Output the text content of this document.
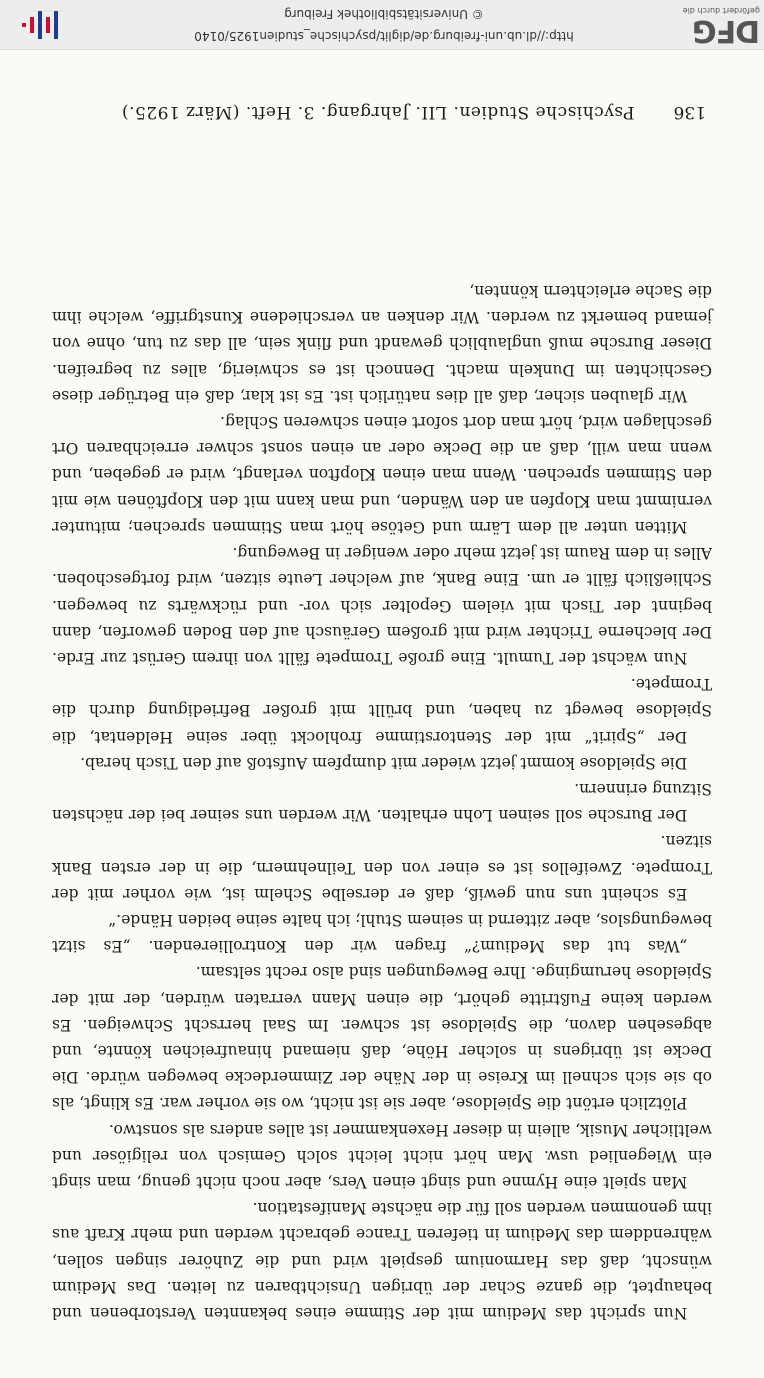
136
Psychische Studien. LII. Jahrgang. 3. Heft. (März 1925.)

Nun spricht das Medium mit der Stimme eines bekannten Verstorbenen und behauptet, die ganze Schar der übrigen Unsichtbaren zu leiten. Das Medium wünscht, daß das Harmonium gespielt wird und die Zuhörer singen sollen, währenddem das Medium in tieferen Trance gebracht werden und mehr Kraft aus ihm genommen werden soll für die nächste Manifestation.

Man spielt eine Hymne und singt einen Vers, aber noch nicht genug, man singt ein Wiegenlied usw. Man hört nicht leicht solch Gemisch von religiöser und weltlicher Musik, allein in dieser Hexenkammer ist alles anders als sonstwo.

Plötzlich ertönt die Spieldose, aber sie ist nicht, wo sie vorher war. Es klingt, als ob sie sich schnell im Kreise in der Nähe der Zimmerdecke bewegen würde. Die Decke ist übrigens in solcher Höhe, daß niemand hinaufreichen könnte, und abgesehen davon, die Spieldose ist schwer. Im Saal herrscht Schweigen. Es werden keine Fußtritte gehört, die einen Mann verraten würden, der mit der Spieldose herumginge. Ihre Bewegungen sind also recht seltsam.

„Was tut das Medium?“ fragen wir den Kontrollierenden. „Es sitzt bewegungslos, aber zitternd in seinem Stuhl; ich halte seine beiden Hände.“

Es scheint uns nun gewiß, daß er derselbe Schelm ist, wie vorher mit der Trompete. Zweifellos ist es einer von den Teilnehmern, die in der ersten Bank sitzen.

Der Bursche soll seinen Lohn erhalten. Wir werden uns seiner bei der nächsten Sitzung erinnern.

Die Spieldose kommt jetzt wieder mit dumpfem Aufstoß auf den Tisch herab.

Der „Spirit“ mit der Stentorstimme frohlockt über seine Heldentat, die Spieldose bewegt zu haben, und brüllt mit großer Befriedigung durch die Trompete.

Nun wächst der Tumult. Eine große Trompete fällt von ihrem Gerüst zur Erde. Der blecherne Trichter wird mit großem Geräusch auf den Boden geworfen, dann beginnt der Tisch mit vielem Gepolter sich vor- und rückwärts zu bewegen. Schließlich fällt er um. Eine Bank, auf welcher Leute sitzen, wird fortgeschoben. Alles in dem Raum ist jetzt mehr oder weniger in Bewegung.

Mitten unter all dem Lärm und Getöse hört man Stimmen sprechen; mitunter vernimmt man Klopfen an den Wänden, und man kann mit den Klopftönen wie mit den Stimmen sprechen. Wenn man einen Klopfton verlangt, wird er gegeben, und wenn man will, daß an die Decke oder an einen sonst schwer erreichbaren Ort geschlagen wird, hört man dort sofort einen schweren Schlag.

Wir glauben sicher, daß all dies natürlich ist. Es ist klar, daß ein Betrüger diese Geschichten im Dunkeln macht. Dennoch ist es schwierig, alles zu begreifen. Dieser Bursche muß unglaublich gewandt und flink sein, all das zu tun, ohne von jemand bemerkt zu werden. Wir denken an verschiedene Kunstgriffe, welche ihm die Sache erleichtern könnten,

http://dl.ub.uni-freiburg.de/diglit/psychische_studien1925/0140
© Universitätsbibliothek Freiburg	DFG
gefördert durch die
